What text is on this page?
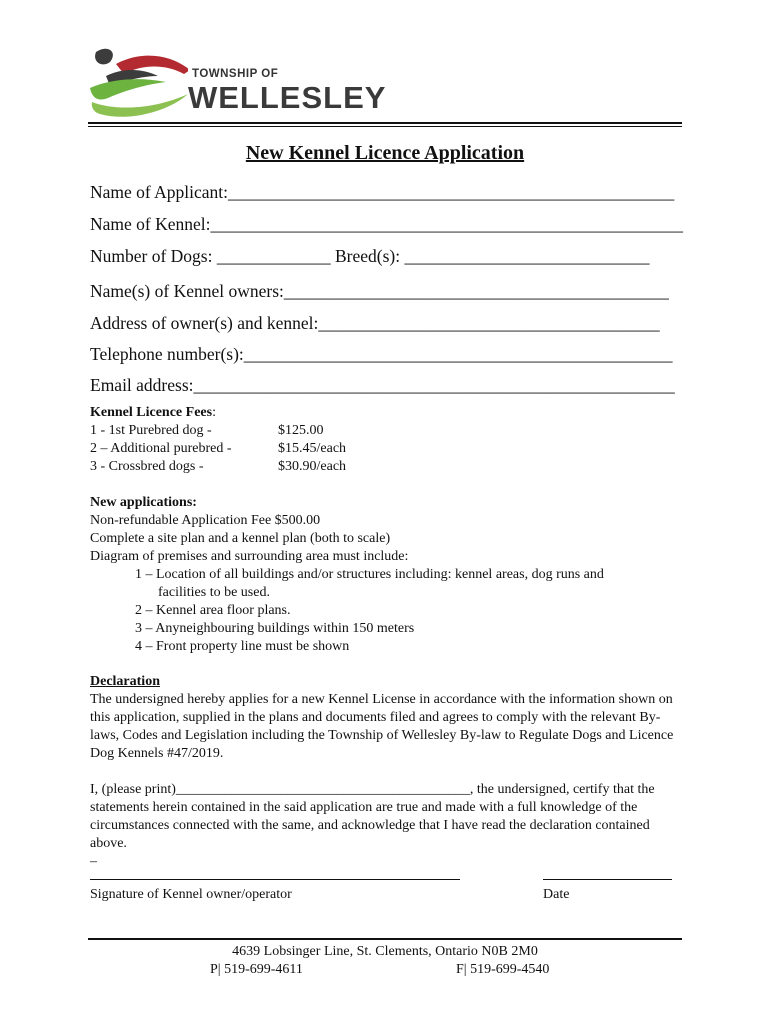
TOWNSHIP OF
WELLESLEY
New Kennel Licence Application
Name of Applicant:___________________________________________________
Name of Kennel:______________________________________________________
Number of Dogs: _____________ Breed(s): ____________________________
Name(s) of Kennel owners:____________________________________________
Address of owner(s) and kennel:_______________________________________
Telephone number(s):_________________________________________________
Email address:_______________________________________________________
Kennel Licence Fees:
1 - 1st Purebred dog -	$125.00
2 – Additional purebred -	$15.45/each
3 - Crossbred dogs -	$30.90/each
New applications:
Non-refundable Application Fee $500.00
Complete a site plan and a kennel plan (both to scale)
Diagram of premises and surrounding area must include:
1 – Location of all buildings and/or structures including: kennel areas, dog runs and
facilities to be used.
2 – Kennel area floor plans.
3 – Anyneighbouring buildings within 150 meters
4 – Front property line must be shown
Declaration
The undersigned hereby applies for a new Kennel License in accordance with the information shown on this application, supplied in the plans and documents filed and agrees to comply with the relevant By-laws, Codes and Legislation including the Township of Wellesley By-law to Regulate Dogs and Licence Dog Kennels #47/2019.
I, (please print)__________________________________________, the undersigned, certify that the statements herein contained in the said application are true and made with a full knowledge of the circumstances connected with the same, and acknowledge that I have read the declaration contained above.
–
Signature of Kennel owner/operator	Date
4639 Lobsinger Line, St. Clements, Ontario N0B 2M0
P| 519-699-4611	F| 519-699-4540
